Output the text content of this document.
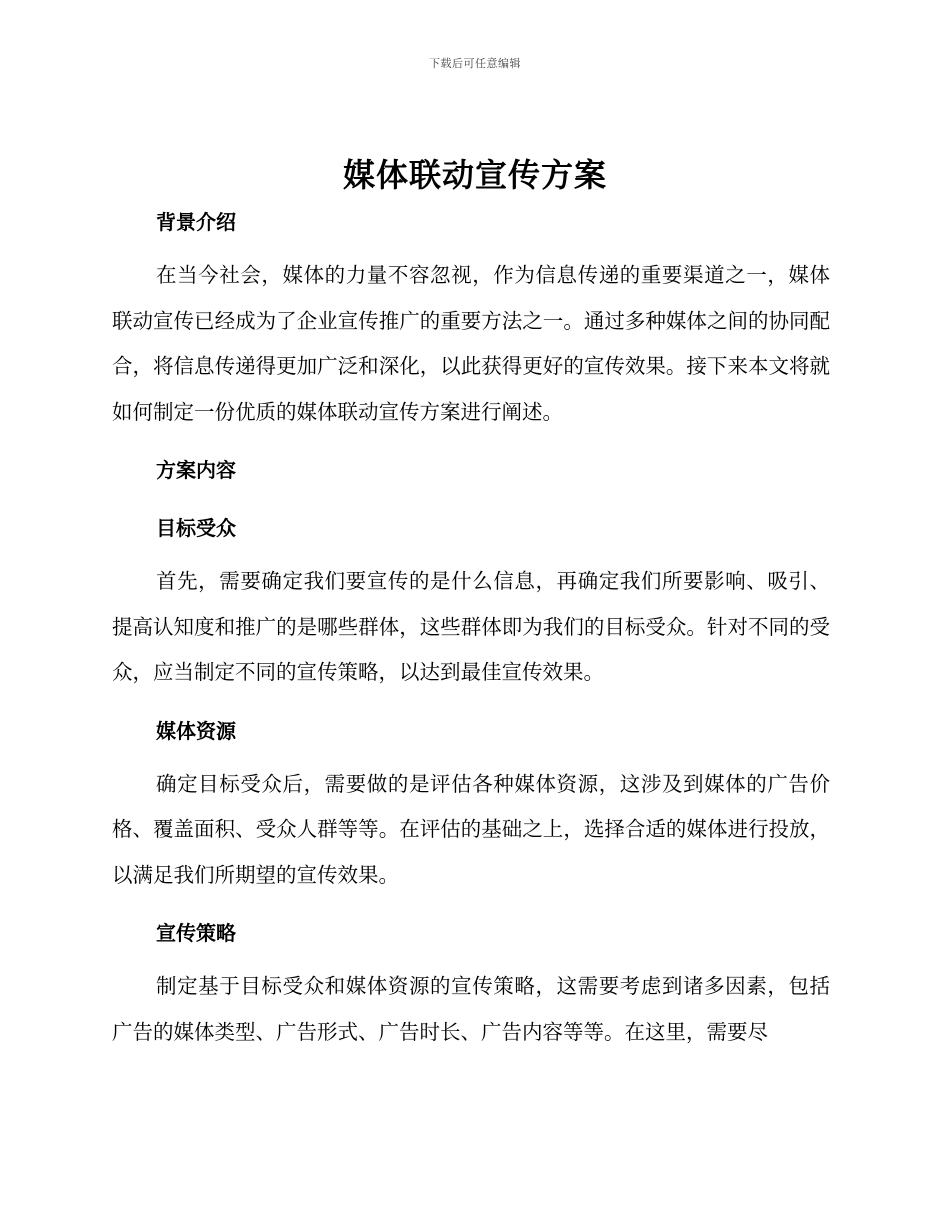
下载后可任意编辑
媒体联动宣传方案

背景介绍

在当今社会，媒体的力量不容忽视，作为信息传递的重要渠道之一，媒体联动宣传已经成为了企业宣传推广的重要方法之一。通过多种媒体之间的协同配合，将信息传递得更加广泛和深化，以此获得更好的宣传效果。接下来本文将就如何制定一份优质的媒体联动宣传方案进行阐述。

方案内容

目标受众

首先，需要确定我们要宣传的是什么信息，再确定我们所要影响、吸引、提高认知度和推广的是哪些群体，这些群体即为我们的目标受众。针对不同的受众，应当制定不同的宣传策略，以达到最佳宣传效果。

媒体资源

确定目标受众后，需要做的是评估各种媒体资源，这涉及到媒体的广告价格、覆盖面积、受众人群等等。在评估的基础之上，选择合适的媒体进行投放，以满足我们所期望的宣传效果。

宣传策略

制定基于目标受众和媒体资源的宣传策略，这需要考虑到诸多因素，包括广告的媒体类型、广告形式、广告时长、广告内容等等。在这里，需要尽
